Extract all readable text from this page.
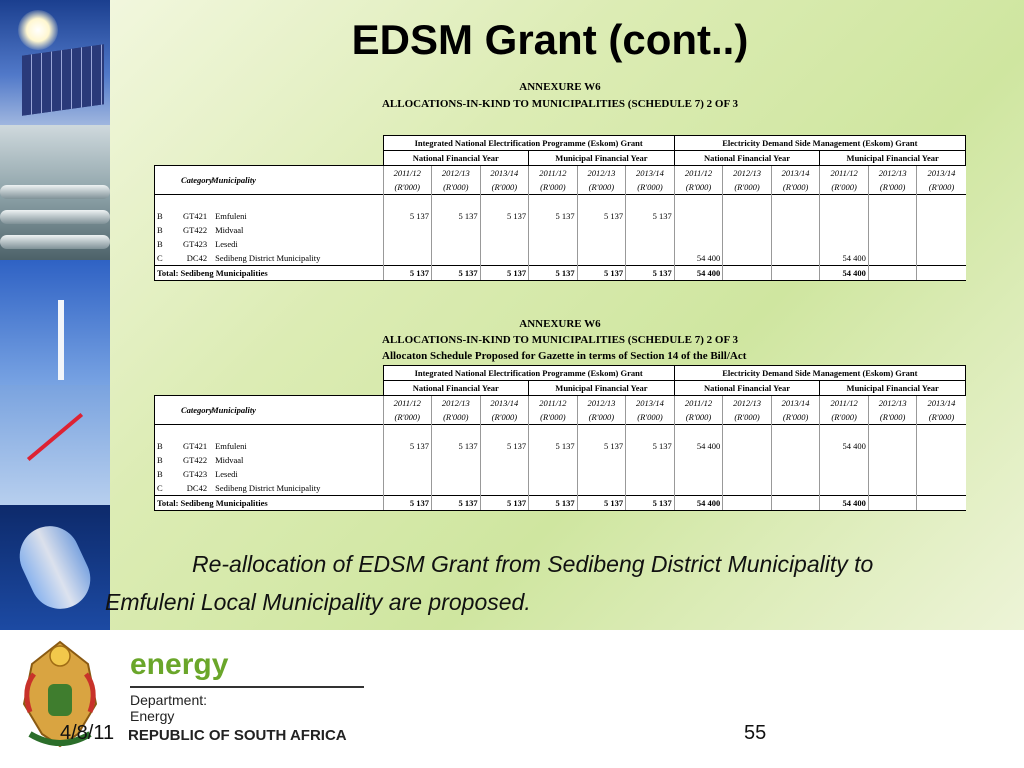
EDSM Grant (cont..)
ANNEXURE W6
ALLOCATIONS-IN-KIND TO MUNICIPALITIES (SCHEDULE 7) 2 OF 3
			Integrated National Electrification Programme (Eskom) Grant						Electricity Demand Side Management (Eskom) Grant					
			National Financial Year			Municipal Financial Year			National Financial Year			Municipal Financial Year		
Category		Municipality	2011/12	2012/13	2013/14	2011/12	2012/13	2013/14	2011/12	2012/13	2013/14	2011/12	2012/13	2013/14
			(R'000)	(R'000)	(R'000)	(R'000)	(R'000)	(R'000)	(R'000)	(R'000)	(R'000)	(R'000)	(R'000)	(R'000)

B	GT421	Emfuleni	5 137	5 137	5 137	5 137	5 137	5 137						
B	GT422	Midvaal												
B	GT423	Lesedi												
C	DC42	Sedibeng District Municipality							54 400			54 400		
Total: Sedibeng Municipalities			5 137	5 137	5 137	5 137	5 137	5 137	54 400			54 400		
ANNEXURE W6
ALLOCATIONS-IN-KIND TO MUNICIPALITIES (SCHEDULE 7) 2 OF 3
Allocaton Schedule Proposed for Gazette in terms of Section 14 of the Bill/Act
			Integrated National Electrification Programme (Eskom) Grant						Electricity Demand Side Management (Eskom) Grant					
			National Financial Year			Municipal Financial Year			National Financial Year			Municipal Financial Year		
Category		Municipality	2011/12	2012/13	2013/14	2011/12	2012/13	2013/14	2011/12	2012/13	2013/14	2011/12	2012/13	2013/14
			(R'000)	(R'000)	(R'000)	(R'000)	(R'000)	(R'000)	(R'000)	(R'000)	(R'000)	(R'000)	(R'000)	(R'000)

B	GT421	Emfuleni	5 137	5 137	5 137	5 137	5 137	5 137	54 400			54 400		
B	GT422	Midvaal												
B	GT423	Lesedi												
C	DC42	Sedibeng District Municipality												
Total: Sedibeng Municipalities			5 137	5 137	5 137	5 137	5 137	5 137	54 400			54 400		
Re-allocation of EDSM Grant from Sedibeng District Municipality to
Emfuleni Local Municipality are proposed.
energy
Department:
Energy
REPUBLIC OF SOUTH AFRICA
4/8/11	55
